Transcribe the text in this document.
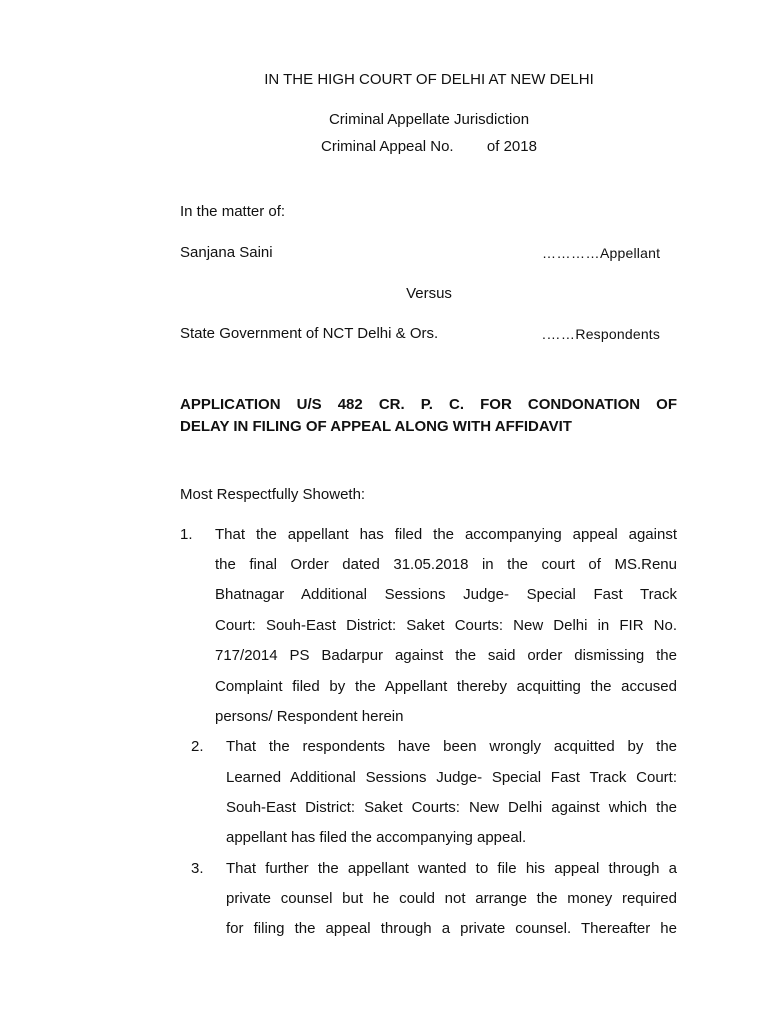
IN THE HIGH COURT OF DELHI AT NEW DELHI
Criminal Appellate Jurisdiction
Criminal Appeal No.        of 2018
In the matter of:
Sanjana Saini	…………Appellant
Versus
State Government of NCT Delhi & Ors.	.……Respondents
APPLICATION U/S 482 CR. P. C. FOR CONDONATION OF
DELAY IN FILING OF APPEAL ALONG WITH AFFIDAVIT
Most Respectfully Showeth:
1. That the appellant has filed the accompanying appeal against
the final Order dated 31.05.2018 in the court of MS.Renu
Bhatnagar Additional Sessions Judge- Special Fast Track
Court: Souh-East District: Saket Courts: New Delhi in FIR No.
717/2014 PS Badarpur against the said order dismissing the
Complaint filed by the Appellant thereby acquitting the accused
persons/ Respondent herein
2. That the respondents have been wrongly acquitted by the
Learned Additional Sessions Judge- Special Fast Track Court:
Souh-East District: Saket Courts: New Delhi against which the
appellant has filed the accompanying appeal.
3. That further the appellant wanted to file his appeal through a
private counsel but he could not arrange the money required
for filing the appeal through a private counsel. Thereafter he
